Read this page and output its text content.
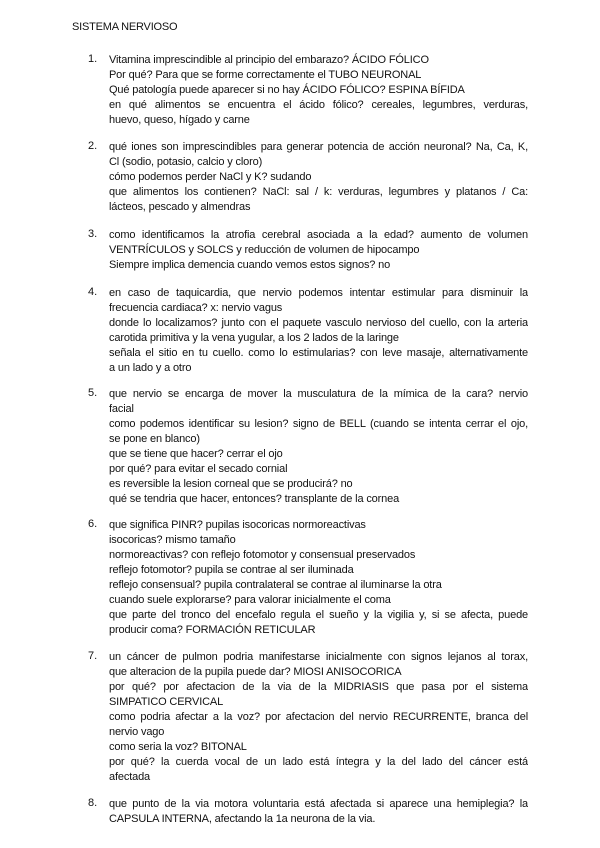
SISTEMA NERVIOSO
1. Vitamina imprescindible al principio del embarazo? ÁCIDO FÓLICO
Por qué? Para que se forme correctamente el TUBO NEURONAL
Qué patología puede aparecer si no hay ÁCIDO FÓLICO? ESPINA BÍFIDA
en qué alimentos se encuentra el ácido fólico? cereales, legumbres, verduras,
huevo, queso, hígado y carne
2. qué iones son imprescindibles para generar potencia de acción neuronal? Na, Ca, K,
Cl (sodio, potasio, calcio y cloro)
cómo podemos perder NaCl y K? sudando
que alimentos los contienen? NaCl: sal / k: verduras, legumbres y platanos / Ca:
lácteos, pescado y almendras
3. como identificamos la atrofia cerebral asociada a la edad? aumento de volumen
VENTRÍCULOS y SOLCS y reducción de volumen de hipocampo
Siempre implica demencia cuando vemos estos signos? no
4. en caso de taquicardia, que nervio podemos intentar estimular para disminuir la
frecuencia cardiaca? x: nervio vagus
donde lo localizamos? junto con el paquete vasculo nervioso del cuello, con la arteria
carotida primitiva y la vena yugular, a los 2 lados de la laringe
señala el sitio en tu cuello. como lo estimularias? con leve masaje, alternativamente
a un lado y a otro
5. que nervio se encarga de mover la musculatura de la mímica de la cara? nervio
facial
como podemos identificar su lesion? signo de BELL (cuando se intenta cerrar el ojo,
se pone en blanco)
que se tiene que hacer? cerrar el ojo
por qué? para evitar el secado cornial
es reversible la lesion corneal que se producirá? no
qué se tendria que hacer, entonces? transplante de la cornea
6. que significa PINR? pupilas isocoricas normoreactivas
isocoricas? mismo tamaño
normoreactivas? con reflejo fotomotor y consensual preservados
reflejo fotomotor? pupila se contrae al ser iluminada
reflejo consensual? pupila contralateral se contrae al iluminarse la otra
cuando suele explorarse? para valorar inicialmente el coma
que parte del tronco del encefalo regula el sueño y la vigilia y, si se afecta, puede
producir coma? FORMACIÓN RETICULAR
7. un cáncer de pulmon podria manifestarse inicialmente con signos lejanos al torax,
que alteracion de la pupila puede dar? MIOSI ANISOCORICA
por qué? por afectacion de la via de la MIDRIASIS que pasa por el sistema
SIMPATICO CERVICAL
como podria afectar a la voz? por afectacion del nervio RECURRENTE, branca del
nervio vago
como seria la voz? BITONAL
por qué? la cuerda vocal de un lado está íntegra y la del lado del cáncer está
afectada
8. que punto de la via motora voluntaria está afectada si aparece una hemiplegia? la
CAPSULA INTERNA, afectando la 1a neurona de la via.
